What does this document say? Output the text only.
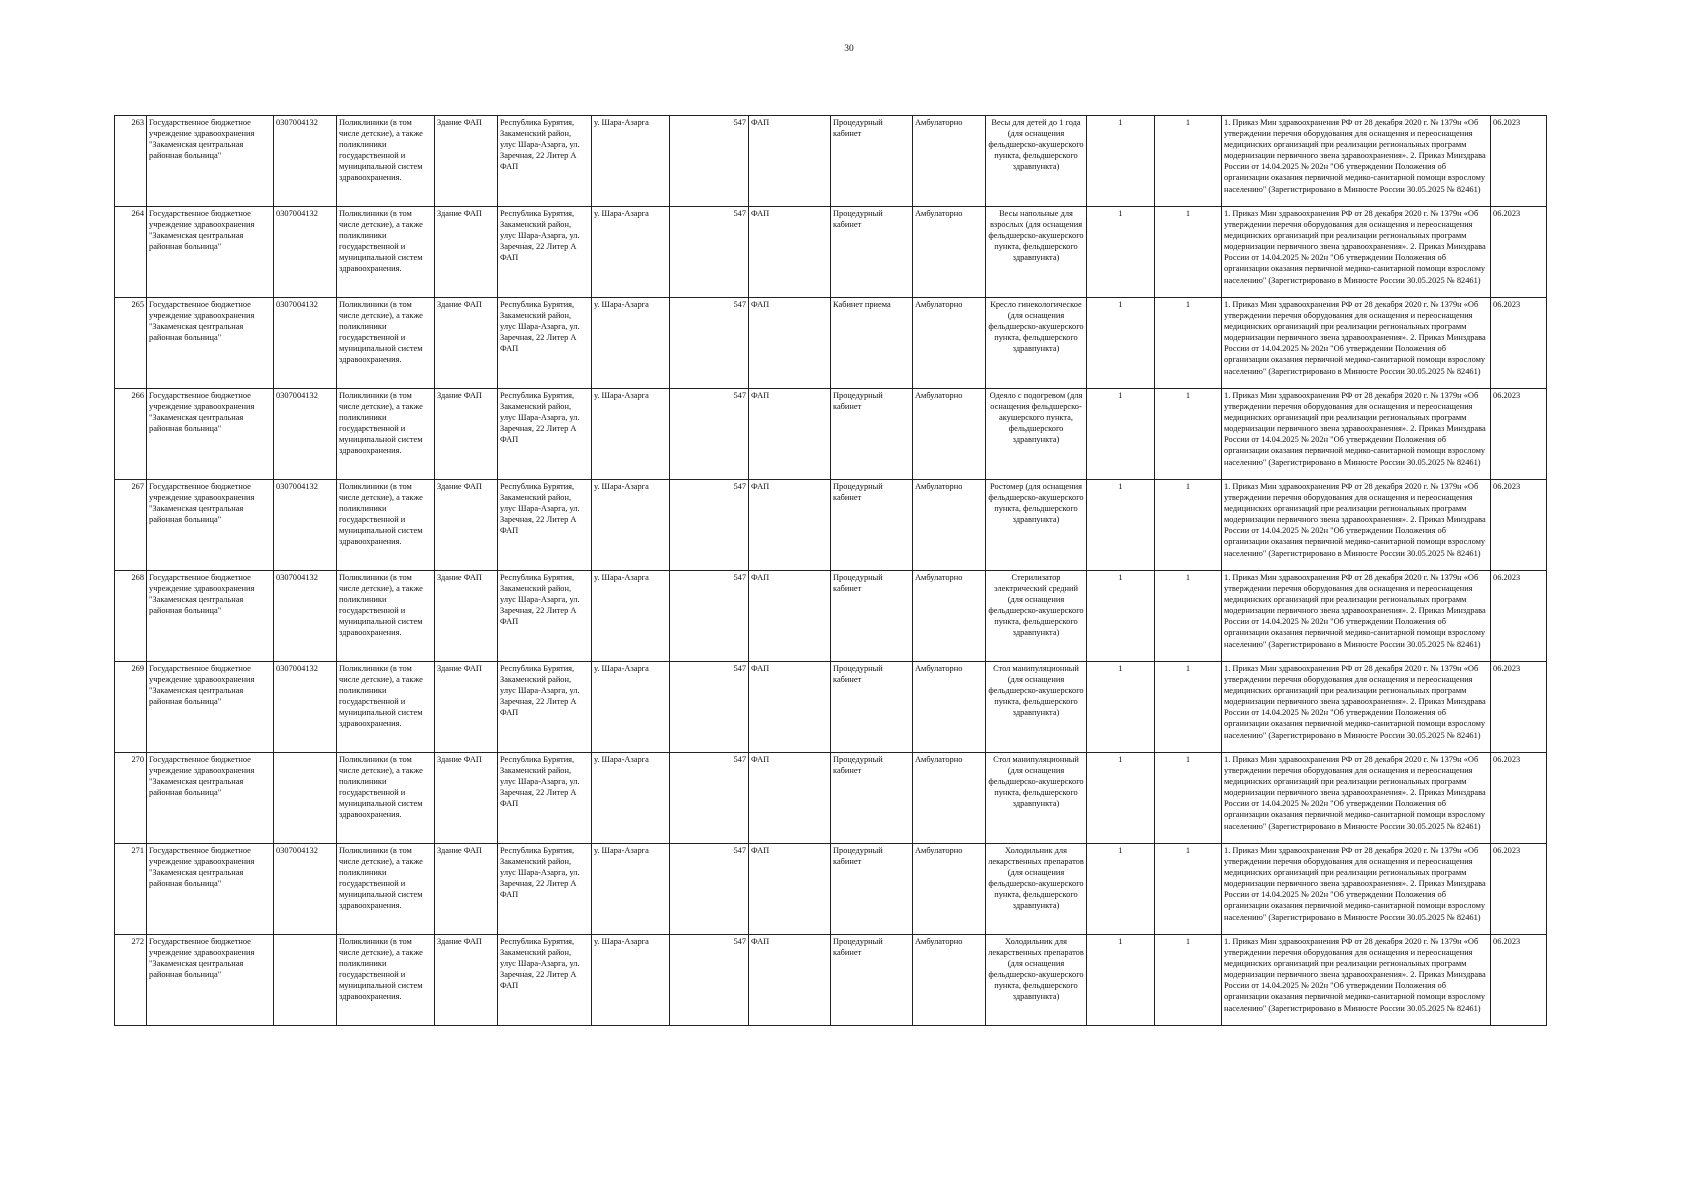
30
263	Государственное бюджетное учреждение здравоохранения "Закаменская центральная районная больница"	0307004132	Поликлиники (в том числе детские), а также поликлиники государственной и муниципальной систем здравоохранения.	Здание ФАП	Республика Бурятия, Закаменский район, улус Шара-Азарга, ул. Заречная, 22 Литер А ФАП	у. Шара-Азарга	547	ФАП	Процедурный кабинет	Амбулаторно	Весы для детей до 1 года (для оснащения фельдшерско-акушерского пункта, фельдшерского здравпункта)	1	1	1. Приказ Мин здравоохранения РФ от 28 декабря 2020 г. № 1379н «Об утверждении перечня оборудования для оснащения и переоснащения медицинских организаций при реализации региональных программ модернизации первичного звена здравоохранения». 2. Приказ Минздрава России от 14.04.2025 № 202н "Об утверждении Положения об организации оказания первичной медико-санитарной помощи взрослому населению" (Зарегистрировано в Минюсте России 30.05.2025 № 82461)	06.2023
264	Государственное бюджетное учреждение здравоохранения "Закаменская центральная районная больница"	0307004132	Поликлиники (в том числе детские), а также поликлиники государственной и муниципальной систем здравоохранения.	Здание ФАП	Республика Бурятия, Закаменский район, улус Шара-Азарга, ул. Заречная, 22 Литер А ФАП	у. Шара-Азарга	547	ФАП	Процедурный кабинет	Амбулаторно	Весы напольные для взрослых (для оснащения фельдшерско-акушерского пункта, фельдшерского здравпункта)	1	1	1. Приказ Мин здравоохранения РФ от 28 декабря 2020 г. № 1379н «Об утверждении перечня оборудования для оснащения и переоснащения медицинских организаций при реализации региональных программ модернизации первичного звена здравоохранения». 2. Приказ Минздрава России от 14.04.2025 № 202н "Об утверждении Положения об организации оказания первичной медико-санитарной помощи взрослому населению" (Зарегистрировано в Минюсте России 30.05.2025 № 82461)	06.2023
265	Государственное бюджетное учреждение здравоохранения "Закаменская центральная районная больница"	0307004132	Поликлиники (в том числе детские), а также поликлиники государственной и муниципальной систем здравоохранения.	Здание ФАП	Республика Бурятия, Закаменский район, улус Шара-Азарга, ул. Заречная, 22 Литер А ФАП	у. Шара-Азарга	547	ФАП	Кабинет приема	Амбулаторно	Кресло гинекологическое (для оснащения фельдшерско-акушерского пункта, фельдшерского здравпункта)	1	1	1. Приказ Мин здравоохранения РФ от 28 декабря 2020 г. № 1379н «Об утверждении перечня оборудования для оснащения и переоснащения медицинских организаций при реализации региональных программ модернизации первичного звена здравоохранения». 2. Приказ Минздрава России от 14.04.2025 № 202н "Об утверждении Положения об организации оказания первичной медико-санитарной помощи взрослому населению" (Зарегистрировано в Минюсте России 30.05.2025 № 82461)	06.2023
266	Государственное бюджетное учреждение здравоохранения "Закаменская центральная районная больница"	0307004132	Поликлиники (в том числе детские), а также поликлиники государственной и муниципальной систем здравоохранения.	Здание ФАП	Республика Бурятия, Закаменский район, улус Шара-Азарга, ул. Заречная, 22 Литер А ФАП	у. Шара-Азарга	547	ФАП	Процедурный кабинет	Амбулаторно	Одеяло с подогревом (для оснащения фельдшерско-акушерского пункта, фельдшерского здравпункта)	1	1	1. Приказ Мин здравоохранения РФ от 28 декабря 2020 г. № 1379н «Об утверждении перечня оборудования для оснащения и переоснащения медицинских организаций при реализации региональных программ модернизации первичного звена здравоохранения». 2. Приказ Минздрава России от 14.04.2025 № 202н "Об утверждении Положения об организации оказания первичной медико-санитарной помощи взрослому населению" (Зарегистрировано в Минюсте России 30.05.2025 № 82461)	06.2023
267	Государственное бюджетное учреждение здравоохранения "Закаменская центральная районная больница"	0307004132	Поликлиники (в том числе детские), а также поликлиники государственной и муниципальной систем здравоохранения.	Здание ФАП	Республика Бурятия, Закаменский район, улус Шара-Азарга, ул. Заречная, 22 Литер А ФАП	у. Шара-Азарга	547	ФАП	Процедурный кабинет	Амбулаторно	Ростомер (для оснащения фельдшерско-акушерского пункта, фельдшерского здравпункта)	1	1	1. Приказ Мин здравоохранения РФ от 28 декабря 2020 г. № 1379н «Об утверждении перечня оборудования для оснащения и переоснащения медицинских организаций при реализации региональных программ модернизации первичного звена здравоохранения». 2. Приказ Минздрава России от 14.04.2025 № 202н "Об утверждении Положения об организации оказания первичной медико-санитарной помощи взрослому населению" (Зарегистрировано в Минюсте России 30.05.2025 № 82461)	06.2023
268	Государственное бюджетное учреждение здравоохранения "Закаменская центральная районная больница"	0307004132	Поликлиники (в том числе детские), а также поликлиники государственной и муниципальной систем здравоохранения.	Здание ФАП	Республика Бурятия, Закаменский район, улус Шара-Азарга, ул. Заречная, 22 Литер А ФАП	у. Шара-Азарга	547	ФАП	Процедурный кабинет	Амбулаторно	Стерилизатор электрический средний (для оснащения фельдшерско-акушерского пункта, фельдшерского здравпункта)	1	1	1. Приказ Мин здравоохранения РФ от 28 декабря 2020 г. № 1379н «Об утверждении перечня оборудования для оснащения и переоснащения медицинских организаций при реализации региональных программ модернизации первичного звена здравоохранения». 2. Приказ Минздрава России от 14.04.2025 № 202н "Об утверждении Положения об организации оказания первичной медико-санитарной помощи взрослому населению" (Зарегистрировано в Минюсте России 30.05.2025 № 82461)	06.2023
269	Государственное бюджетное учреждение здравоохранения "Закаменская центральная районная больница"	0307004132	Поликлиники (в том числе детские), а также поликлиники государственной и муниципальной систем здравоохранения.	Здание ФАП	Республика Бурятия, Закаменский район, улус Шара-Азарга, ул. Заречная, 22 Литер А ФАП	у. Шара-Азарга	547	ФАП	Процедурный кабинет	Амбулаторно	Стол манипуляционный (для оснащения фельдшерско-акушерского пункта, фельдшерского здравпункта)	1	1	1. Приказ Мин здравоохранения РФ от 28 декабря 2020 г. № 1379н «Об утверждении перечня оборудования для оснащения и переоснащения медицинских организаций при реализации региональных программ модернизации первичного звена здравоохранения». 2. Приказ Минздрава России от 14.04.2025 № 202н "Об утверждении Положения об организации оказания первичной медико-санитарной помощи взрослому населению" (Зарегистрировано в Минюсте России 30.05.2025 № 82461)	06.2023
270	Государственное бюджетное учреждение здравоохранения "Закаменская центральная районная больница"		Поликлиники (в том числе детские), а также поликлиники государственной и муниципальной систем здравоохранения.	Здание ФАП	Республика Бурятия, Закаменский район, улус Шара-Азарга, ул. Заречная, 22 Литер А ФАП	у. Шара-Азарга	547	ФАП	Процедурный кабинет	Амбулаторно	Стол манипуляционный (для оснащения фельдшерско-акушерского пункта, фельдшерского здравпункта)	1	1	1. Приказ Мин здравоохранения РФ от 28 декабря 2020 г. № 1379н «Об утверждении перечня оборудования для оснащения и переоснащения медицинских организаций при реализации региональных программ модернизации первичного звена здравоохранения». 2. Приказ Минздрава России от 14.04.2025 № 202н "Об утверждении Положения об организации оказания первичной медико-санитарной помощи взрослому населению" (Зарегистрировано в Минюсте России 30.05.2025 № 82461)	06.2023
271	Государственное бюджетное учреждение здравоохранения "Закаменская центральная районная больница"	0307004132	Поликлиники (в том числе детские), а также поликлиники государственной и муниципальной систем здравоохранения.	Здание ФАП	Республика Бурятия, Закаменский район, улус Шара-Азарга, ул. Заречная, 22 Литер А ФАП	у. Шара-Азарга	547	ФАП	Процедурный кабинет	Амбулаторно	Холодильник для лекарственных препаратов (для оснащения фельдшерско-акушерского пункта, фельдшерского здравпункта)	1	1	1. Приказ Мин здравоохранения РФ от 28 декабря 2020 г. № 1379н «Об утверждении перечня оборудования для оснащения и переоснащения медицинских организаций при реализации региональных программ модернизации первичного звена здравоохранения». 2. Приказ Минздрава России от 14.04.2025 № 202н "Об утверждении Положения об организации оказания первичной медико-санитарной помощи взрослому населению" (Зарегистрировано в Минюсте России 30.05.2025 № 82461)	06.2023
272	Государственное бюджетное учреждение здравоохранения "Закаменская центральная районная больница"		Поликлиники (в том числе детские), а также поликлиники государственной и муниципальной систем здравоохранения.	Здание ФАП	Республика Бурятия, Закаменский район, улус Шара-Азарга, ул. Заречная, 22 Литер А ФАП	у. Шара-Азарга	547	ФАП	Процедурный кабинет	Амбулаторно	Холодильник для лекарственных препаратов (для оснащения фельдшерско-акушерского пункта, фельдшерского здравпункта)	1	1	1. Приказ Мин здравоохранения РФ от 28 декабря 2020 г. № 1379н «Об утверждении перечня оборудования для оснащения и переоснащения медицинских организаций при реализации региональных программ модернизации первичного звена здравоохранения». 2. Приказ Минздрава России от 14.04.2025 № 202н "Об утверждении Положения об организации оказания первичной медико-санитарной помощи взрослому населению" (Зарегистрировано в Минюсте России 30.05.2025 № 82461)	06.2023
